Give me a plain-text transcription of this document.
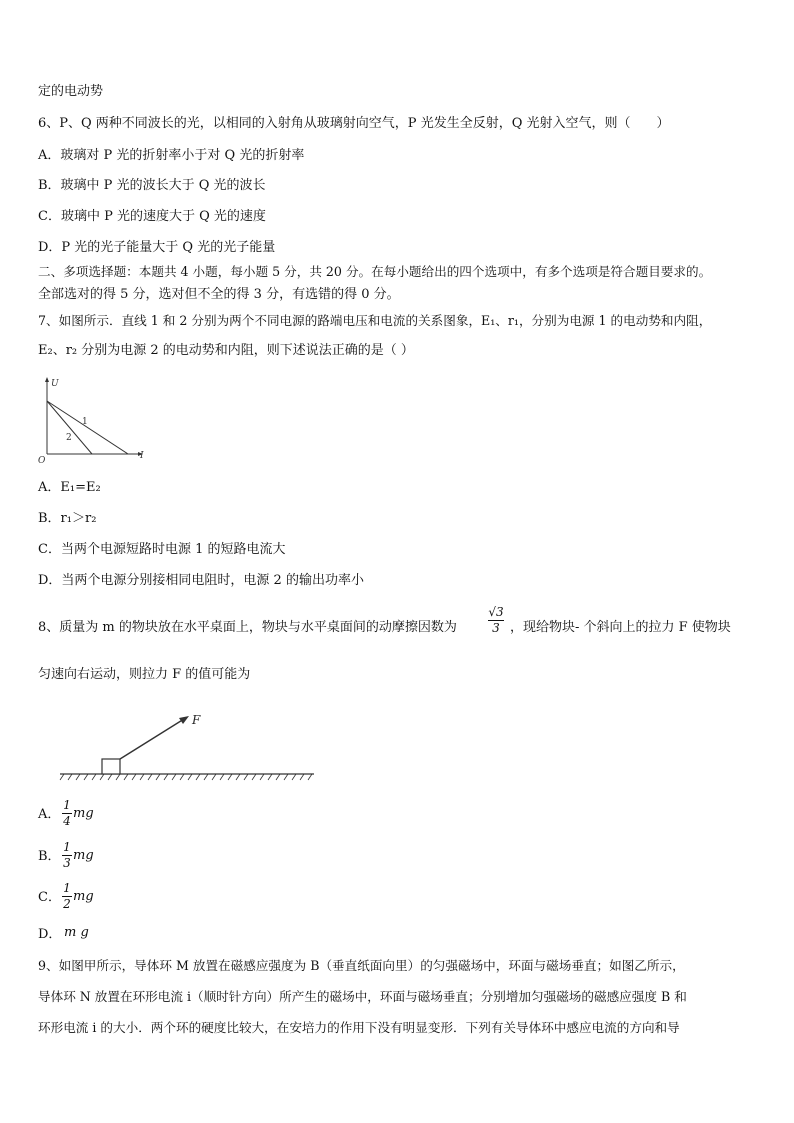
定的电动势
6、P、Q 两种不同波长的光，以相同的入射角从玻璃射向空气，P 光发生全反射，Q 光射入空气，则（　　）
A．玻璃对 P 光的折射率小于对 Q 光的折射率
B．玻璃中 P 光的波长大于 Q 光的波长
C．玻璃中 P 光的速度大于 Q 光的速度
D．P 光的光子能量大于 Q 光的光子能量
二、多项选择题：本题共 4 小题，每小题 5 分，共 20 分。在每小题给出的四个选项中，有多个选项是符合题目要求的。
全部选对的得 5 分，选对但不全的得 3 分，有选错的得 0 分。
7、如图所示．直线 1 和 2 分别为两个不同电源的路端电压和电流的关系图象，E₁、r₁，分别为电源 1 的电动势和内阻，
E₂、r₂ 分别为电源 2 的电动势和内阻，则下述说法正确的是（ ）
U
O	I
1
2
A．E₁=E₂
B．r₁＞r₂
C．当两个电源短路时电源 1 的短路电流大
D．当两个电源分别接相同电阻时，电源 2 的输出功率小
8、质量为 m 的物块放在水平桌面上，物块与水平桌面间的动摩擦因数为
√3
3 ，现给物块- 个斜向上的拉力 F 使物块
匀速向右运动，则拉力 F 的值可能为
F
A．
1
4 mg
B．
1
3 mg
C．
1
2 mg
D． m g
9、如图甲所示，导体环 M 放置在磁感应强度为 B（垂直纸面向里）的匀强磁场中，环面与磁场垂直；如图乙所示，
导体环 N 放置在环形电流 i（顺时针方向）所产生的磁场中，环面与磁场垂直；分别增加匀强磁场的磁感应强度 B 和
环形电流 i 的大小．两个环的硬度比较大，在安培力的作用下没有明显变形．下列有关导体环中感应电流的方向和导
